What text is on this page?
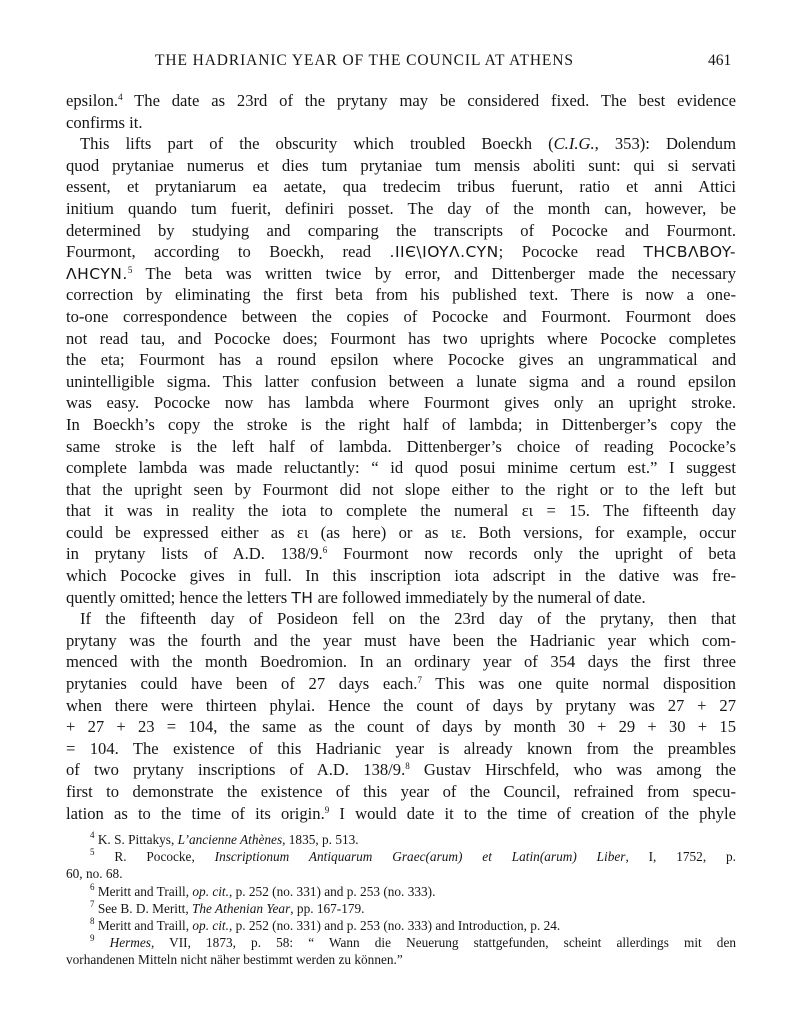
THE HADRIANIC YEAR OF THE COUNCIL AT ATHENS	461
epsilon.$^4$ The date as 23rd of the prytany may be considered fixed. The best evidence
confirms it.
This lifts part of the obscurity which troubled Boeckh (C.I.G., 353): Dolendum
quod prytaniae numerus et dies tum prytaniae tum mensis aboliti sunt: qui si servati
essent, et prytaniarum ea aetate, qua tredecim tribus fuerunt, ratio et anni Attici
initium quando tum fuerit, definiri posset. The day of the month can, however, be
determined by studying and comparing the transcripts of Pococke and Fourmont.
Fourmont, according to Boeckh, read .IIЄ\IOYΛ.CYN; Pococke read THCBΛBOY-
ΛHCYN.$^5$ The beta was written twice by error, and Dittenberger made the necessary
correction by eliminating the first beta from his published text. There is now a one-
to-one correspondence between the copies of Pococke and Fourmont. Fourmont does
not read tau, and Pococke does; Fourmont has two uprights where Pococke completes
the eta; Fourmont has a round epsilon where Pococke gives an ungrammatical and
unintelligible sigma. This latter confusion between a lunate sigma and a round epsilon
was easy. Pococke now has lambda where Fourmont gives only an upright stroke.
In Boeckh’s copy the stroke is the right half of lambda; in Dittenberger’s copy the
same stroke is the left half of lambda. Dittenberger’s choice of reading Pococke’s
complete lambda was made reluctantly: “ id quod posui minime certum est.” I suggest
that the upright seen by Fourmont did not slope either to the right or to the left but
that it was in reality the iota to complete the numeral ει = 15. The fifteenth day
could be expressed either as ει (as here) or as ιε. Both versions, for example, occur
in prytany lists of A.D. 138/9.$^6$ Fourmont now records only the upright of beta
which Pococke gives in full. In this inscription iota adscript in the dative was fre-
quently omitted; hence the letters TH are followed immediately by the numeral of date.
If the fifteenth day of Posideon fell on the 23rd day of the prytany, then that
prytany was the fourth and the year must have been the Hadrianic year which com-
menced with the month Boedromion. In an ordinary year of 354 days the first three
prytanies could have been of 27 days each.$^7$ This was one quite normal disposition
when there were thirteen phylai. Hence the count of days by prytany was 27 + 27
+ 27 + 23 = 104, the same as the count of days by month 30 + 29 + 30 + 15
= 104. The existence of this Hadrianic year is already known from the preambles
of two prytany inscriptions of A.D. 138/9.$^8$ Gustav Hirschfeld, who was among the
first to demonstrate the existence of this year of the Council, refrained from specu-
lation as to the time of its origin.$^9$ I would date it to the time of creation of the phyle
$^4$ K. S. Pittakys, L’ancienne Athènes, 1835, p. 513.
$^5$ R. Pococke, Inscriptionum Antiquarum Graec(arum) et Latin(arum) Liber, I, 1752, p.
60, no. 68.
$^6$ Meritt and Traill, op. cit., p. 252 (no. 331) and p. 253 (no. 333).
$^7$ See B. D. Meritt, The Athenian Year, pp. 167-179.
$^8$ Meritt and Traill, op. cit., p. 252 (no. 331) and p. 253 (no. 333) and Introduction, p. 24.
$^9$ Hermes, VII, 1873, p. 58: “ Wann die Neuerung stattgefunden, scheint allerdings mit den
vorhandenen Mitteln nicht näher bestimmt werden zu können.”
